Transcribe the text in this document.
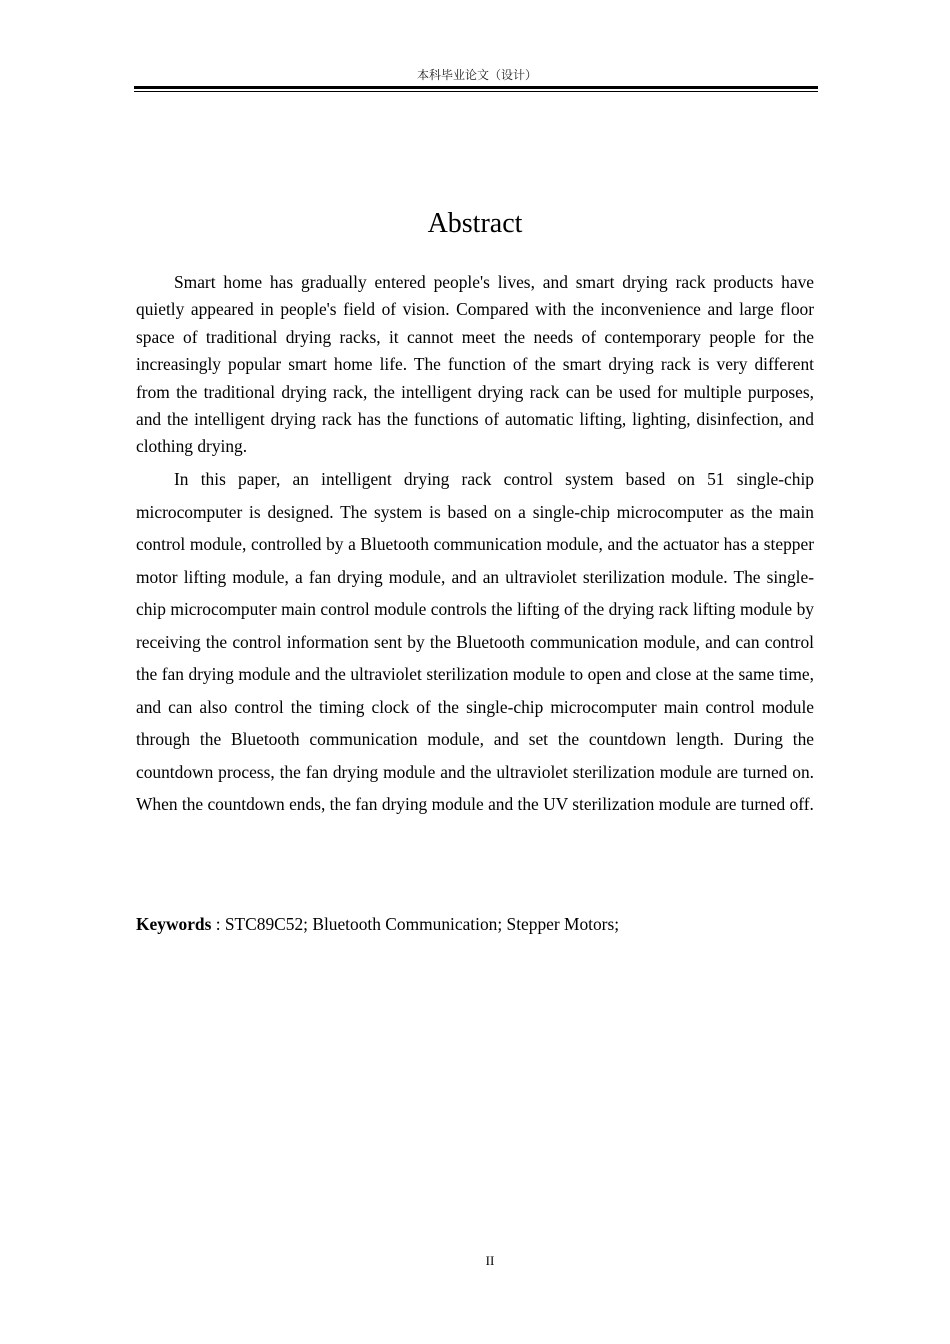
本科毕业论文（设计）
Abstract

Smart home has gradually entered people's lives, and smart drying rack products have quietly appeared in people's field of vision. Compared with the inconvenience and large floor space of traditional drying racks, it cannot meet the needs of contemporary people for the increasingly popular smart home life. The function of the smart drying rack is very different from the traditional drying rack, the intelligent drying rack can be used for multiple purposes, and the intelligent drying rack has the functions of automatic lifting, lighting, disinfection, and clothing drying.

In this paper, an intelligent drying rack control system based on 51 single-chip microcomputer is designed. The system is based on a single-chip microcomputer as the main control module, controlled by a Bluetooth communication module, and the actuator has a stepper motor lifting module, a fan drying module, and an ultraviolet sterilization module. The single-chip microcomputer main control module controls the lifting of the drying rack lifting module by receiving the control information sent by the Bluetooth communication module, and can control the fan drying module and the ultraviolet sterilization module to open and close at the same time, and can also control the timing clock of the single-chip microcomputer main control module through the Bluetooth communication module, and set the countdown length. During the countdown process, the fan drying module and the ultraviolet sterilization module are turned on. When the countdown ends, the fan drying module and the UV sterilization module are turned off.

Keywords : STC89C52; Bluetooth Communication; Stepper Motors;

II
